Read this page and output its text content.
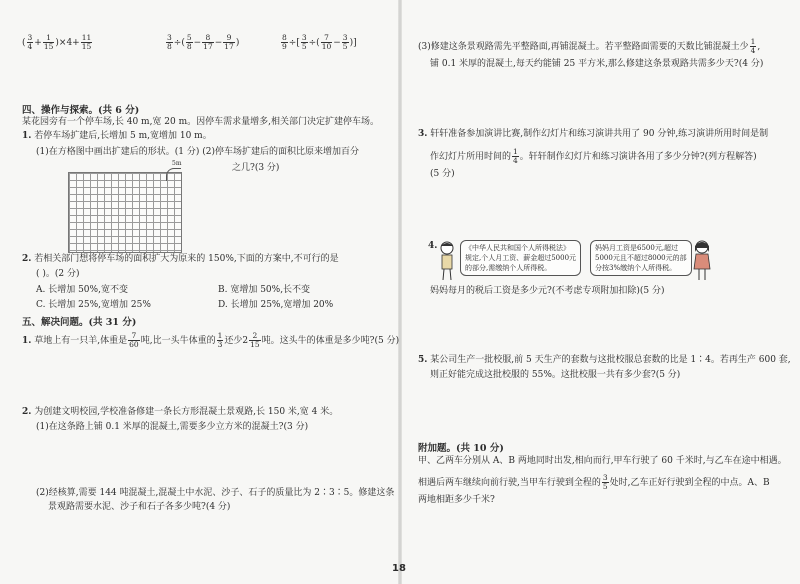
( $\frac{3}{4} + \frac{1}{15} )\times 4+ \frac{11}{15}$	$\frac{3}{8}$ ÷( $\frac{5}{8} - \frac{8}{17} - \frac{9}{17}$ )	$\frac{8}{9}$ ÷[ $\frac{3}{5}$ ÷( $\frac{7}{10} - \frac{3}{5}$ )]
四、操作与探索。(共 6 分)
某花园旁有一个停车场,长 40 m,宽 20 m。因停车需求量增多,相关部门决定扩建停车场。
1. 若停车场扩建后,长增加 5 m,宽增加 10 m。
(1)在方格图中画出扩建后的形状。(1 分) (2)停车场扩建后的面积比原来增加百分
之几?(3 分)
5m
2. 若相关部门想将停车场的面积扩大为原来的 150%,下面的方案中,不可行的是
( )。(2 分)
A. 长增加 50%,宽不变	B. 宽增加 50%,长不变
C. 长增加 25%,宽增加 25%	D. 长增加 25%,宽增加 20%
五、解决问题。(共 31 分)
1. 草地上有一只羊,体重是 $\frac{7}{60}$ 吨,比一头牛体重的 $\frac{1}{3}$ 还少$2 \frac{2}{15}$ 吨。这头牛的体重是多少吨?(5 分)
2. 为创建文明校园,学校准备修建一条长方形混凝土景观路,长 150 米,宽 4 米。
(1)在这条路上铺 0.1 米厚的混凝土,需要多少立方米的混凝土?(3 分)
(2)经核算,需要 144 吨混凝土,混凝土中水泥、沙子、石子的质量比为 2∶3∶5。修建这条
景观路需要水泥、沙子和石子各多少吨?(4 分)
(3)修建这条景观路需先平整路面,再铺混凝土。若平整路面需要的天数比铺混凝土少 $\frac{1}{4}$ ,
铺 0.1 米厚的混凝土,每天约能铺 25 平方米,那么修建这条景观路共需多少天?(4 分)
3. 轩轩准备参加演讲比赛,制作幻灯片和练习演讲共用了 90 分钟,练习演讲所用时间是制
作幻灯片所用时间的 $\frac{1}{4}$ 。轩轩制作幻灯片和练习演讲各用了多少分钟?(列方程解答)
(5 分)
4.	《中华人民共和国个人所得税法》
规定,个人月工资、薪金超过5000元
的部分,需缴纳个人所得税。
妈妈月工资是6500元,超过
5000元且不超过8000元的部
分按3%缴纳个人所得税。
妈妈每月的税后工资是多少元?(不考虑专项附加扣除)(5 分)
5. 某公司生产一批校服,前 5 天生产的套数与这批校服总套数的比是 1∶4。若再生产 600 套,
则正好能完成这批校服的 55%。这批校服一共有多少套?(5 分)
附加题。(共 10 分)
甲、乙两车分别从 A、B 两地同时出发,相向而行,甲车行驶了 60 千米时,与乙车在途中相遇。
相遇后两车继续向前行驶,当甲车行驶到全程的 $\frac{3}{5}$ 处时,乙车正好行驶到全程的中点。A、B
两地相距多少千米?
18
